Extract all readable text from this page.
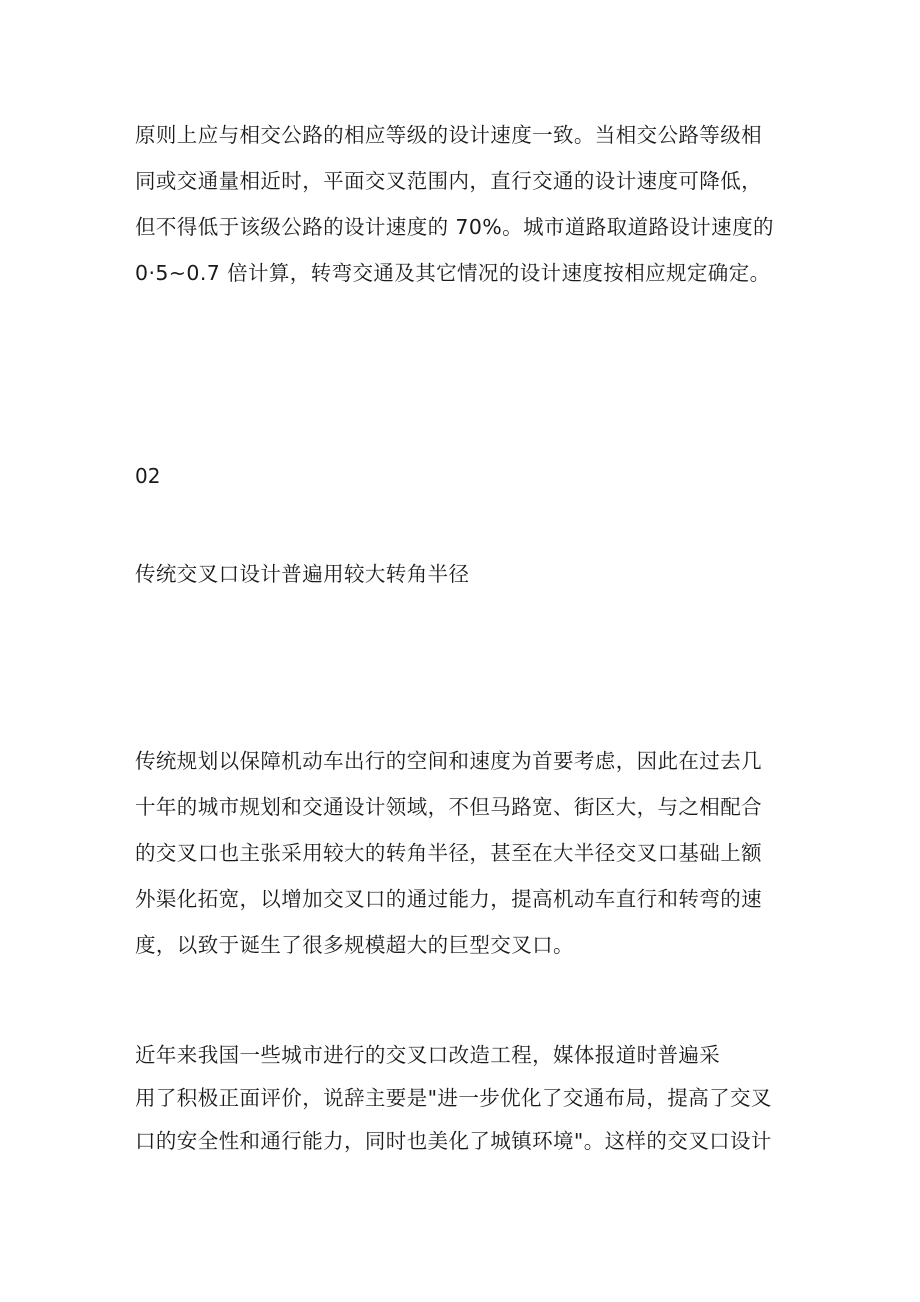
原则上应与相交公路的相应等级的设计速度一致。当相交公路等级相
同或交通量相近时，平面交叉范围内，直行交通的设计速度可降低，
但不得低于该级公路的设计速度的 70%。城市道路取道路设计速度的
0·5~0.7 倍计算，转弯交通及其它情况的设计速度按相应规定确定。
02
传统交叉口设计普遍用较大转角半径
传统规划以保障机动车出行的空间和速度为首要考虑，因此在过去几
十年的城市规划和交通设计领域，不但马路宽、街区大，与之相配合
的交叉口也主张采用较大的转角半径，甚至在大半径交叉口基础上额
外渠化拓宽，以增加交叉口的通过能力，提高机动车直行和转弯的速
度，以致于诞生了很多规模超大的巨型交叉口。
近年来我国一些城市进行的交叉口改造工程，媒体报道时普遍采
用了积极正面评价，说辞主要是"进一步优化了交通布局，提高了交叉
口的安全性和通行能力，同时也美化了城镇环境"。这样的交叉口设计
